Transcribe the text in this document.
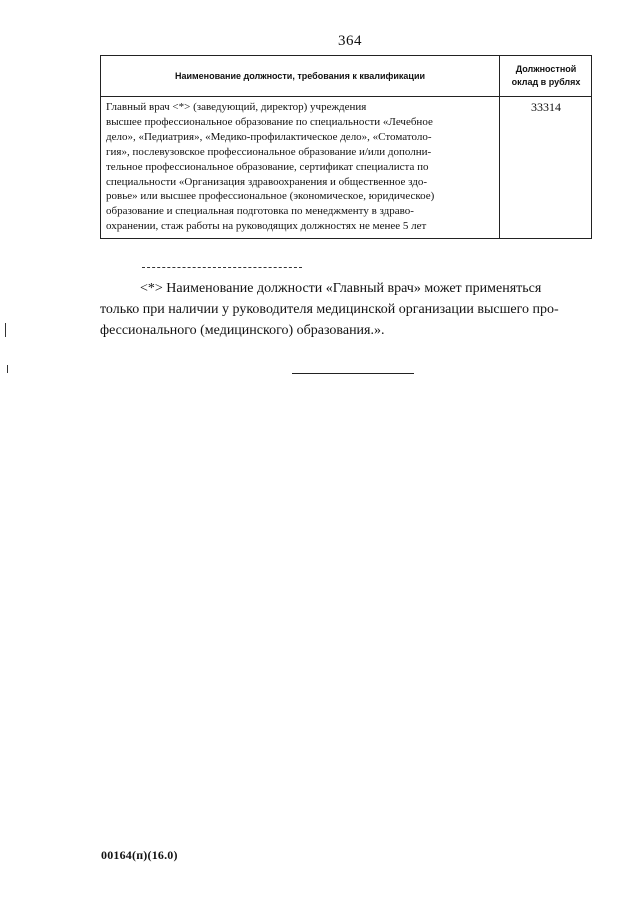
364
Наименование должности, требования к квалификации
Должностной
оклад в рублях
Главный врач <*> (заведующий, директор) учреждения
высшее профессиональное образование по специальности «Лечебное
дело», «Педиатрия», «Медико-профилактическое дело», «Стоматоло-
гия», послевузовское профессиональное образование и/или дополни-
тельное профессиональное образование, сертификат специалиста по
специальности «Организация здравоохранения и общественное здо-
ровье» или высшее профессиональное (экономическое, юридическое)
образование и специальная подготовка по менеджменту в здраво-
охранении, стаж работы на руководящих должностях не менее 5 лет
33314
<*> Наименование должности «Главный врач» может применяться
только при наличии у руководителя медицинской организации высшего про-
фессионального (медицинского) образования.».
00164(п)(16.0)
